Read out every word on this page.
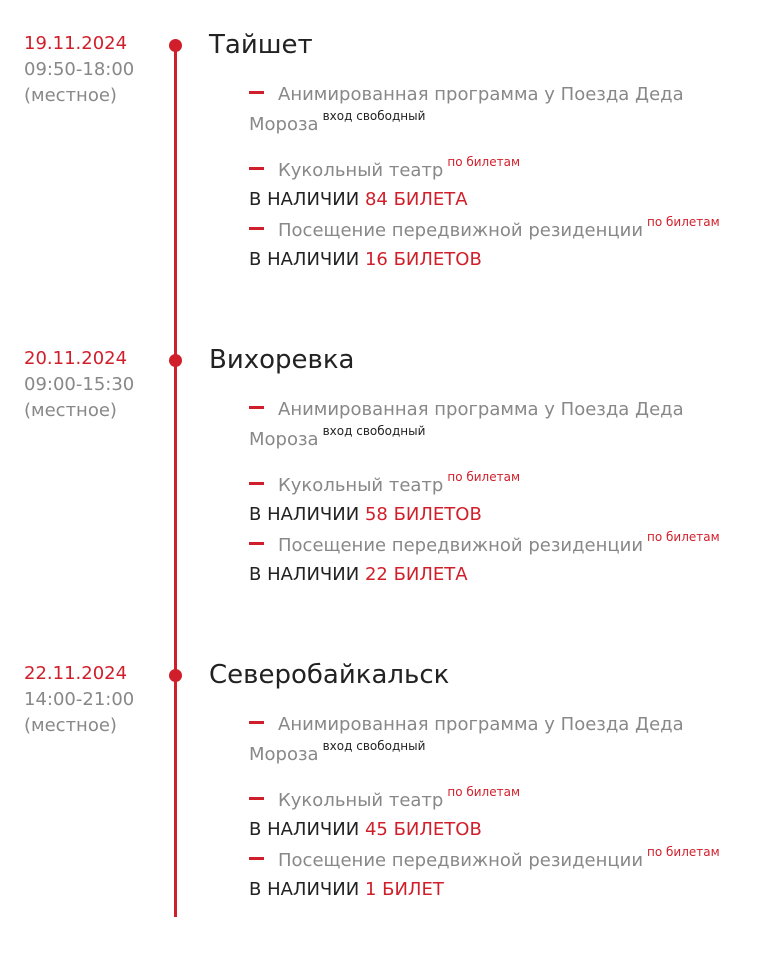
19.11.2024
09:50-18:00
(местное)
Тайшет
Анимированная программа у Поезда Деда Мороза $^{вход свободный}$
Кукольный театр $^{по билетам}$
В НАЛИЧИИ 84 БИЛЕТА
Посещение передвижной резиденции $^{по билетам}$
В НАЛИЧИИ 16 БИЛЕТОВ
20.11.2024
09:00-15:30
(местное)
Вихоревка
Анимированная программа у Поезда Деда Мороза $^{вход свободный}$
Кукольный театр $^{по билетам}$
В НАЛИЧИИ 58 БИЛЕТОВ
Посещение передвижной резиденции $^{по билетам}$
В НАЛИЧИИ 22 БИЛЕТА
22.11.2024
14:00-21:00
(местное)
Северобайкальск
Анимированная программа у Поезда Деда Мороза $^{вход свободный}$
Кукольный театр $^{по билетам}$
В НАЛИЧИИ 45 БИЛЕТОВ
Посещение передвижной резиденции $^{по билетам}$
В НАЛИЧИИ 1 БИЛЕТ
